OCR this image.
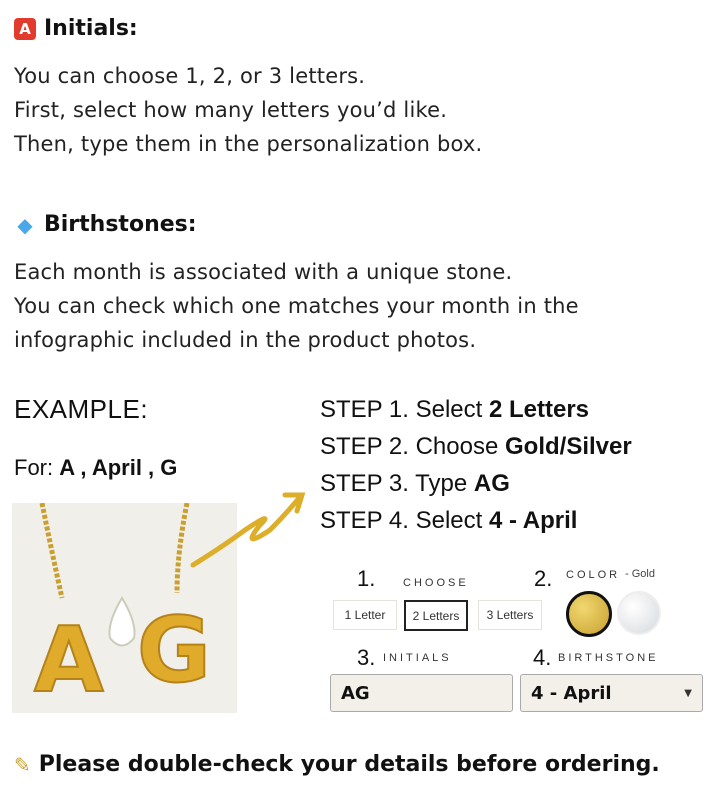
A Initials:
You can choose 1, 2, or 3 letters.
First, select how many letters you’d like.
Then, type them in the personalization box.
◆ Birthstones:
Each month is associated with a unique stone.
You can check which one matches your month in the
infographic included in the product photos.
EXAMPLE:
For: A , April , G
A G
STEP 1. Select 2 Letters
STEP 2. Choose Gold/Silver
STEP 3. Type AG
STEP 4. Select 4 - April
1.	CHOOSE
1 Letter	2 Letters	3 Letters
2. COLOR - Gold
3. INITIALS
AG
4. BIRTHSTONE
4 - April	▼
✎ Please double-check your details before ordering.
